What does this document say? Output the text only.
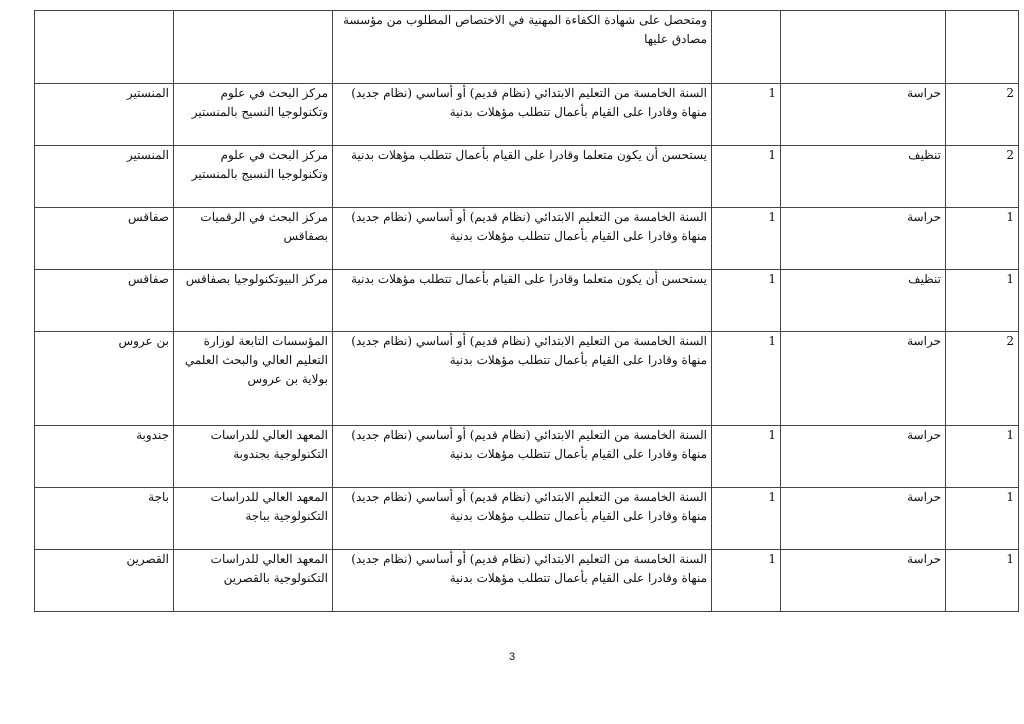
			ومتحصل على شهادة الكفاءة المهنية في الاختصاص المطلوب من مؤسسة مصادق عليها		
2	حراسة	1	السنة الخامسة من التعليم الابتدائي (نظام قديم) أو أساسي (نظام جديد) منهاة وقادرا على القيام بأعمال تتطلب مؤهلات بدنية	مركز البحث في علوم وتكنولوجيا النسيج بالمنستير	المنستير
2	تنظيف	1	يستحسن أن يكون متعلما وقادرا على القيام بأعمال تتطلب مؤهلات بدنية	مركز البحث في علوم وتكنولوجيا النسيج بالمنستير	المنستير
1	حراسة	1	السنة الخامسة من التعليم الابتدائي (نظام قديم) أو أساسي (نظام جديد) منهاة وقادرا على القيام بأعمال تتطلب مؤهلات بدنية	مركز البحث في الرقميات بصفاقس	صفاقس
1	تنظيف	1	يستحسن أن يكون متعلما وقادرا على القيام بأعمال تتطلب مؤهلات بدنية	مركز البيوتكنولوجيا بصفاقس	صفاقس
2	حراسة	1	السنة الخامسة من التعليم الابتدائي (نظام قديم) أو أساسي (نظام جديد) منهاة وقادرا على القيام بأعمال تتطلب مؤهلات بدنية	المؤسسات التابعة لوزارة التعليم العالي والبحث العلمي بولاية بن عروس	بن عروس
1	حراسة	1	السنة الخامسة من التعليم الابتدائي (نظام قديم) أو أساسي (نظام جديد) منهاة وقادرا على القيام بأعمال تتطلب مؤهلات بدنية	المعهد العالي للدراسات التكنولوجية بجندوبة	جندوبة
1	حراسة	1	السنة الخامسة من التعليم الابتدائي (نظام قديم) أو أساسي (نظام جديد) منهاة وقادرا على القيام بأعمال تتطلب مؤهلات بدنية	المعهد العالي للدراسات التكنولوجية بباجة	باجة
1	حراسة	1	السنة الخامسة من التعليم الابتدائي (نظام قديم) أو أساسي (نظام جديد) منهاة وقادرا على القيام بأعمال تتطلب مؤهلات بدنية	المعهد العالي للدراسات التكنولوجية بالقصرين	القصرين
3
